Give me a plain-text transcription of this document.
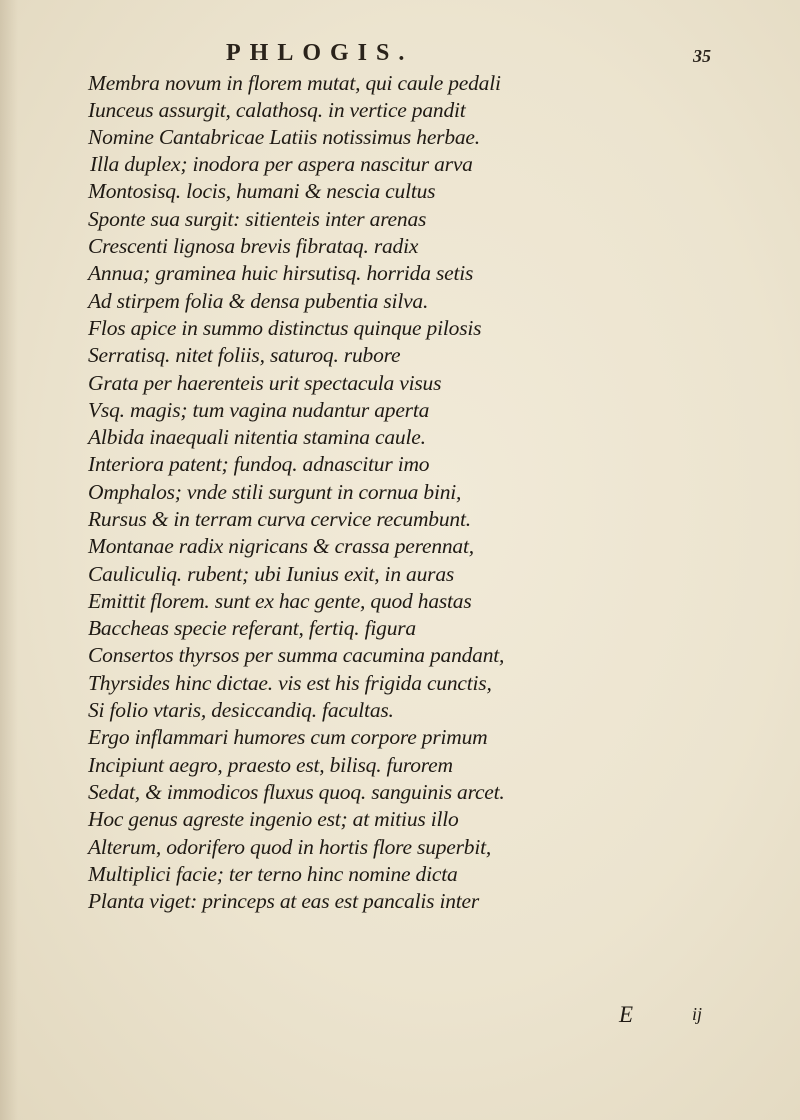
PHLOGIS.	35
Membra novum in florem mutat, qui caule pedali
Iunceus assurgit, calathosq. in vertice pandit
Nomine Cantabricae Latiis notissimus herbae.
Illa duplex; inodora per aspera nascitur arva
Montosisq. locis, humani & nescia cultus
Sponte sua surgit: sitienteis inter arenas
Crescenti lignosa brevis fibrataq. radix
Annua; graminea huic hirsutisq. horrida setis
Ad stirpem folia & densa pubentia silva.
Flos apice in summo distinctus quinque pilosis
Serratisq. nitet foliis, saturoq. rubore
Grata per haerenteis urit spectacula visus
Vsq. magis; tum vagina nudantur aperta
Albida inaequali nitentia stamina caule.
Interiora patent; fundoq. adnascitur imo
Omphalos; vnde stili surgunt in cornua bini,
Rursus & in terram curva cervice recumbunt.
Montanae radix nigricans & crassa perennat,
Cauliculiq. rubent; ubi Iunius exit, in auras
Emittit florem. sunt ex hac gente, quod hastas
Baccheas specie referant, fertiq. figura
Consertos thyrsos per summa cacumina pandant,
Thyrsides hinc dictae. vis est his frigida cunctis,
Si folio vtaris, desiccandiq. facultas.
Ergo inflammari humores cum corpore primum
Incipiunt aegro, praesto est, bilisq. furorem
Sedat, & immodicos fluxus quoq. sanguinis arcet.
Hoc genus agreste ingenio est; at mitius illo
Alterum, odorifero quod in hortis flore superbit,
Multiplici facie; ter terno hinc nomine dicta
Planta viget: princeps at eas est pancalis inter
E	ij
